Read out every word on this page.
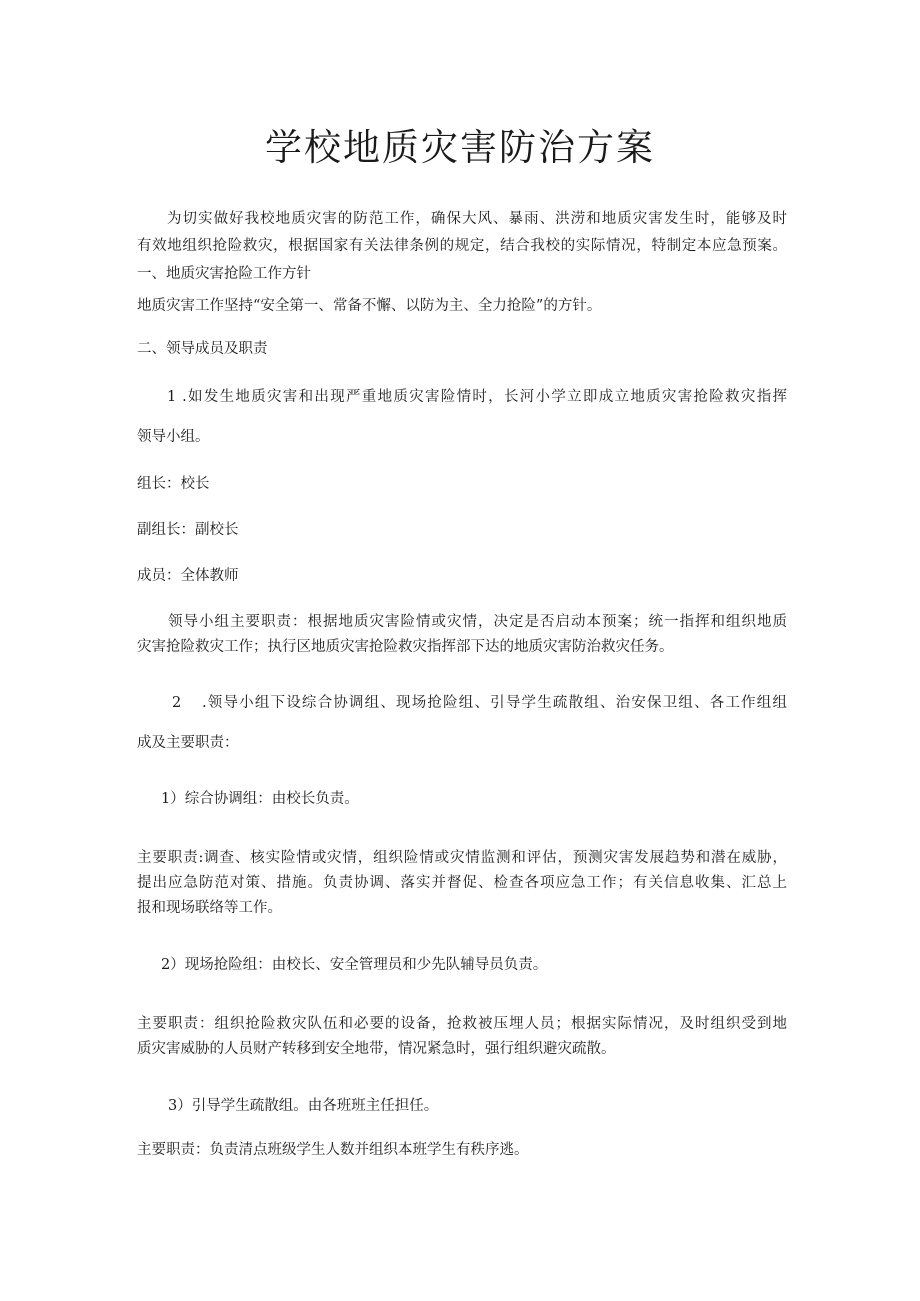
学校地质灾害防治方案

为切实做好我校地质灾害的防范工作，确保大风、暴雨、洪涝和地质灾害发生时，能够及时

有效地组织抢险救灾，根据国家有关法律条例的规定，结合我校的实际情况，特制定本应急预案。

一、地质灾害抢险工作方针

地质灾害工作坚持“安全第一、常备不懈、以防为主、全力抢险”的方针。

二、领导成员及职责

1 .如发生地质灾害和出现严重地质灾害险情时，长河小学立即成立地质灾害抢险救灾指挥

领导小组。

组长：校长

副组长：副校长

成员：全体教师

领导小组主要职责：根据地质灾害险情或灾情，决定是否启动本预案；统一指挥和组织地质

灾害抢险救灾工作；执行区地质灾害抢险救灾指挥部下达的地质灾害防治救灾任务。

2 .领导小组下设综合协调组、现场抢险组、引导学生疏散组、治安保卫组、各工作组组

成及主要职责：

1）综合协调组：由校长负责。

主要职责:调查、核实险情或灾情，组织险情或灾情监测和评估，预测灾害发展趋势和潜在威胁，

提出应急防范对策、措施。负责协调、落实并督促、检查各项应急工作；有关信息收集、汇总上

报和现场联络等工作。

2）现场抢险组：由校长、安全管理员和少先队辅导员负责。

主要职责：组织抢险救灾队伍和必要的设备，抢救被压埋人员；根据实际情况，及时组织受到地

质灾害威胁的人员财产转移到安全地带，情况紧急时，强行组织避灾疏散。

3）引导学生疏散组。由各班班主任担任。

主要职责：负责清点班级学生人数并组织本班学生有秩序逃。
